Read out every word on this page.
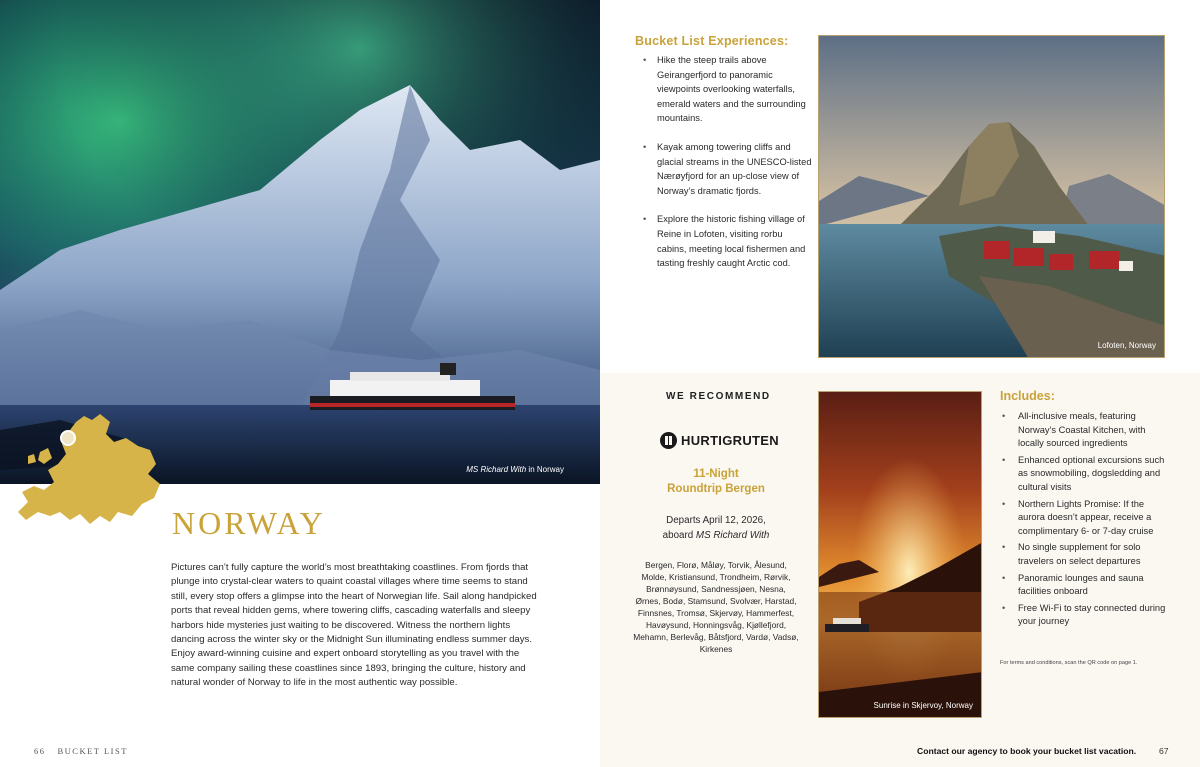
MS Richard With in Norway
NORWAY

Pictures can’t fully capture the world’s most breathtaking coastlines. From fjords that plunge into crystal-clear waters to quaint coastal villages where time seems to stand still, every stop offers a glimpse into the heart of Norwegian life. Sail along handpicked ports that reveal hidden gems, where towering cliffs, cascading waterfalls and sleepy harbors hide mysteries just waiting to be discovered. Witness the northern lights dancing across the winter sky or the Midnight Sun illuminating endless summer days. Enjoy award-winning cuisine and expert onboard storytelling as you travel with the same company sailing these coastlines since 1893, bringing the culture, history and natural wonder of Norway to life in the most authentic way possible.

66 BUCKET LIST
Bucket List Experiences:
• Hike the steep trails above Geirangerfjord to panoramic viewpoints overlooking waterfalls, emerald waters and the surrounding mountains.
• Kayak among towering cliffs and glacial streams in the UNESCO-listed Nærøyfjord for an up-close view of Norway’s dramatic fjords.
• Explore the historic fishing village of Reine in Lofoten, visiting rorbu cabins, meeting local fishermen and tasting freshly caught Arctic cod.
Lofoten, Norway
WE RECOMMEND
HURTIGRUTEN
11-Night
Roundtrip Bergen
Departs April 12, 2026,
aboard MS Richard With

Bergen, Florø, Måløy, Torvik, Ålesund, Molde, Kristiansund, Trondheim, Rørvik, Brønnøysund, Sandnessjøen, Nesna, Ørnes, Bodø, Stamsund, Svolvær, Harstad, Finnsnes, Tromsø, Skjervøy, Hammerfest, Havøysund, Honningsvåg, Kjøllefjord, Mehamn, Berlevåg, Båtsfjord, Vardø, Vadsø, Kirkenes

Sunrise in Skjervoy, Norway
Includes:
• All-inclusive meals, featuring Norway’s Coastal Kitchen, with locally sourced ingredients
• Enhanced optional excursions such as snowmobiling, dogsledding and cultural visits
• Northern Lights Promise: If the aurora doesn’t appear, receive a complimentary 6- or 7-day cruise
• No single supplement for solo travelers on select departures
• Panoramic lounges and sauna facilities onboard
• Free Wi-Fi to stay connected during your journey
For terms and conditions, scan the QR code on page 1.
Contact our agency to book your bucket list vacation.	67
